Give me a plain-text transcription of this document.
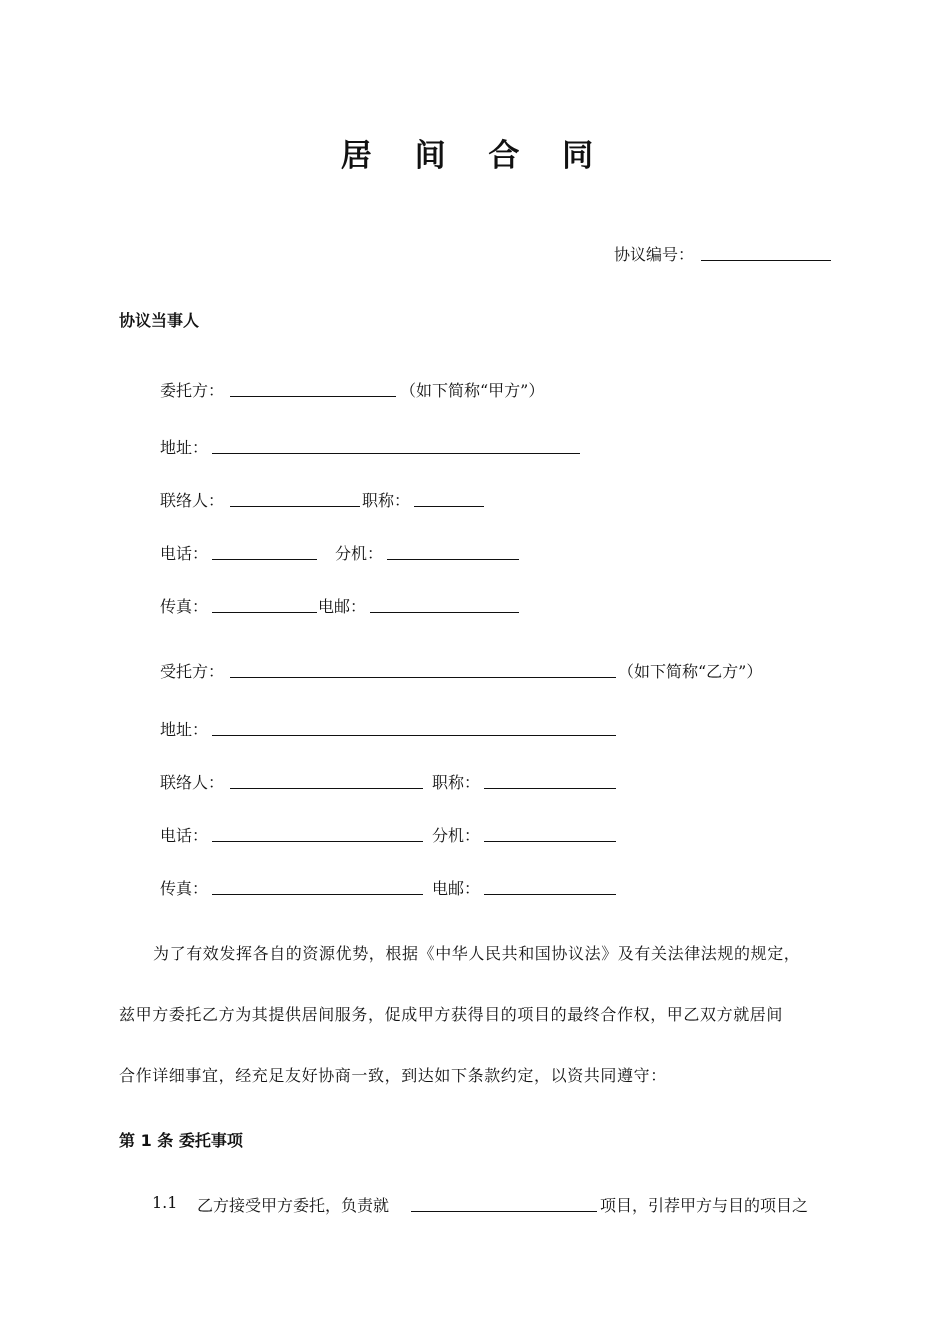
居 间 合 同
协议编号：
协议当事人
委托方：	（如下简称“甲方”）
地址：
联络人：	职称：
电话：	分机：
传真：	电邮：
受托方：	（如下简称“乙方”）
地址：
联络人：	职称：
电话：	分机：
传真：	电邮：
为了有效发挥各自的资源优势，根据《中华人民共和国协议法》及有关法律法规的规定，
兹甲方委托乙方为其提供居间服务，促成甲方获得目的项目的最终合作权，甲乙双方就居间
合作详细事宜，经充足友好协商一致，到达如下条款约定，以资共同遵守：
第 1 条 委托事项
1.1 乙方接受甲方委托，负责就	项目，引荐甲方与目的项目之
